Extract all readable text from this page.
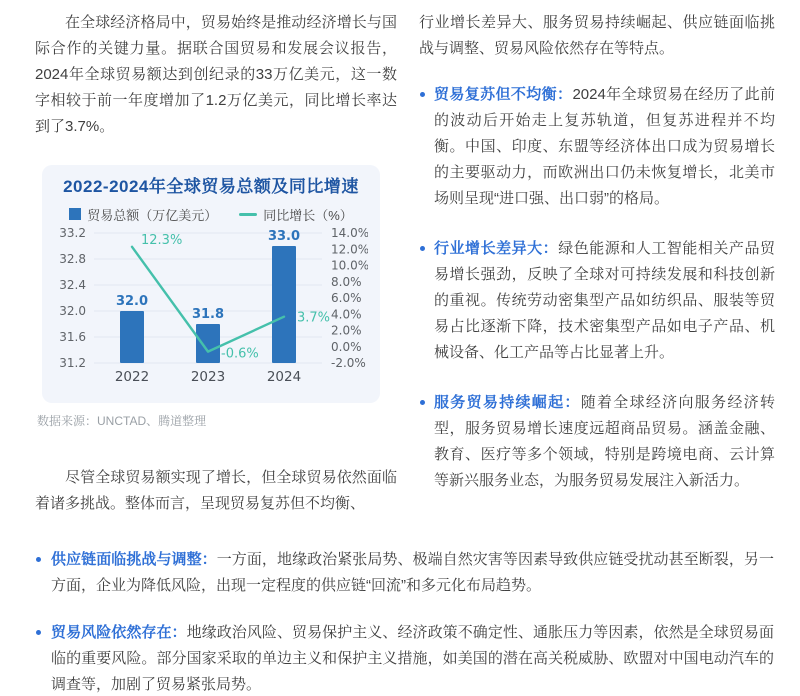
在全球经济格局中，贸易始终是推动经济增长与国际合作的关键力量。据联合国贸易和发展会议报告，2024年全球贸易额达到创纪录的33万亿美元，这一数字相较于前一年度增加了1.2万亿美元，同比增长率达到了3.7%。

2022-2024年全球贸易总额及同比增速
贸易总额（万亿美元）	同比增长（%）
33.2
32.8
32.4
32.0
31.6
31.2
14.0%
12.0%
10.0%
8.0%
6.0%
4.0%
2.0%
0.0%
-2.0%
32.0
2022
31.8
2023
33.0
2024
12.3%
-0.6%
3.7%
数据来源：UNCTAD、腾道整理

尽管全球贸易额实现了增长，但全球贸易依然面临着诸多挑战。整体而言，呈现贸易复苏但不均衡、

行业增长差异大、服务贸易持续崛起、供应链面临挑战与调整、贸易风险依然存在等特点。

贸易复苏但不均衡：2024年全球贸易在经历了此前的波动后开始走上复苏轨道，但复苏进程并不均衡。中国、印度、东盟等经济体出口成为贸易增长的主要驱动力，而欧洲出口仍未恢复增长，北美市场则呈现“进口强、出口弱”的格局。
行业增长差异大：绿色能源和人工智能相关产品贸易增长强劲，反映了全球对可持续发展和科技创新的重视。传统劳动密集型产品如纺织品、服装等贸易占比逐渐下降，技术密集型产品如电子产品、机械设备、化工产品等占比显著上升。
服务贸易持续崛起：随着全球经济向服务经济转型，服务贸易增长速度远超商品贸易。涵盖金融、教育、医疗等多个领域，特别是跨境电商、云计算等新兴服务业态，为服务贸易发展注入新活力。
供应链面临挑战与调整：一方面，地缘政治紧张局势、极端自然灾害等因素导致供应链受扰动甚至断裂，另一方面，企业为降低风险，出现一定程度的供应链“回流”和多元化布局趋势。
贸易风险依然存在：地缘政治风险、贸易保护主义、经济政策不确定性、通胀压力等因素，依然是全球贸易面临的重要风险。部分国家采取的单边主义和保护主义措施，如美国的潜在高关税威胁、欧盟对中国电动汽车的调查等，加剧了贸易紧张局势。
